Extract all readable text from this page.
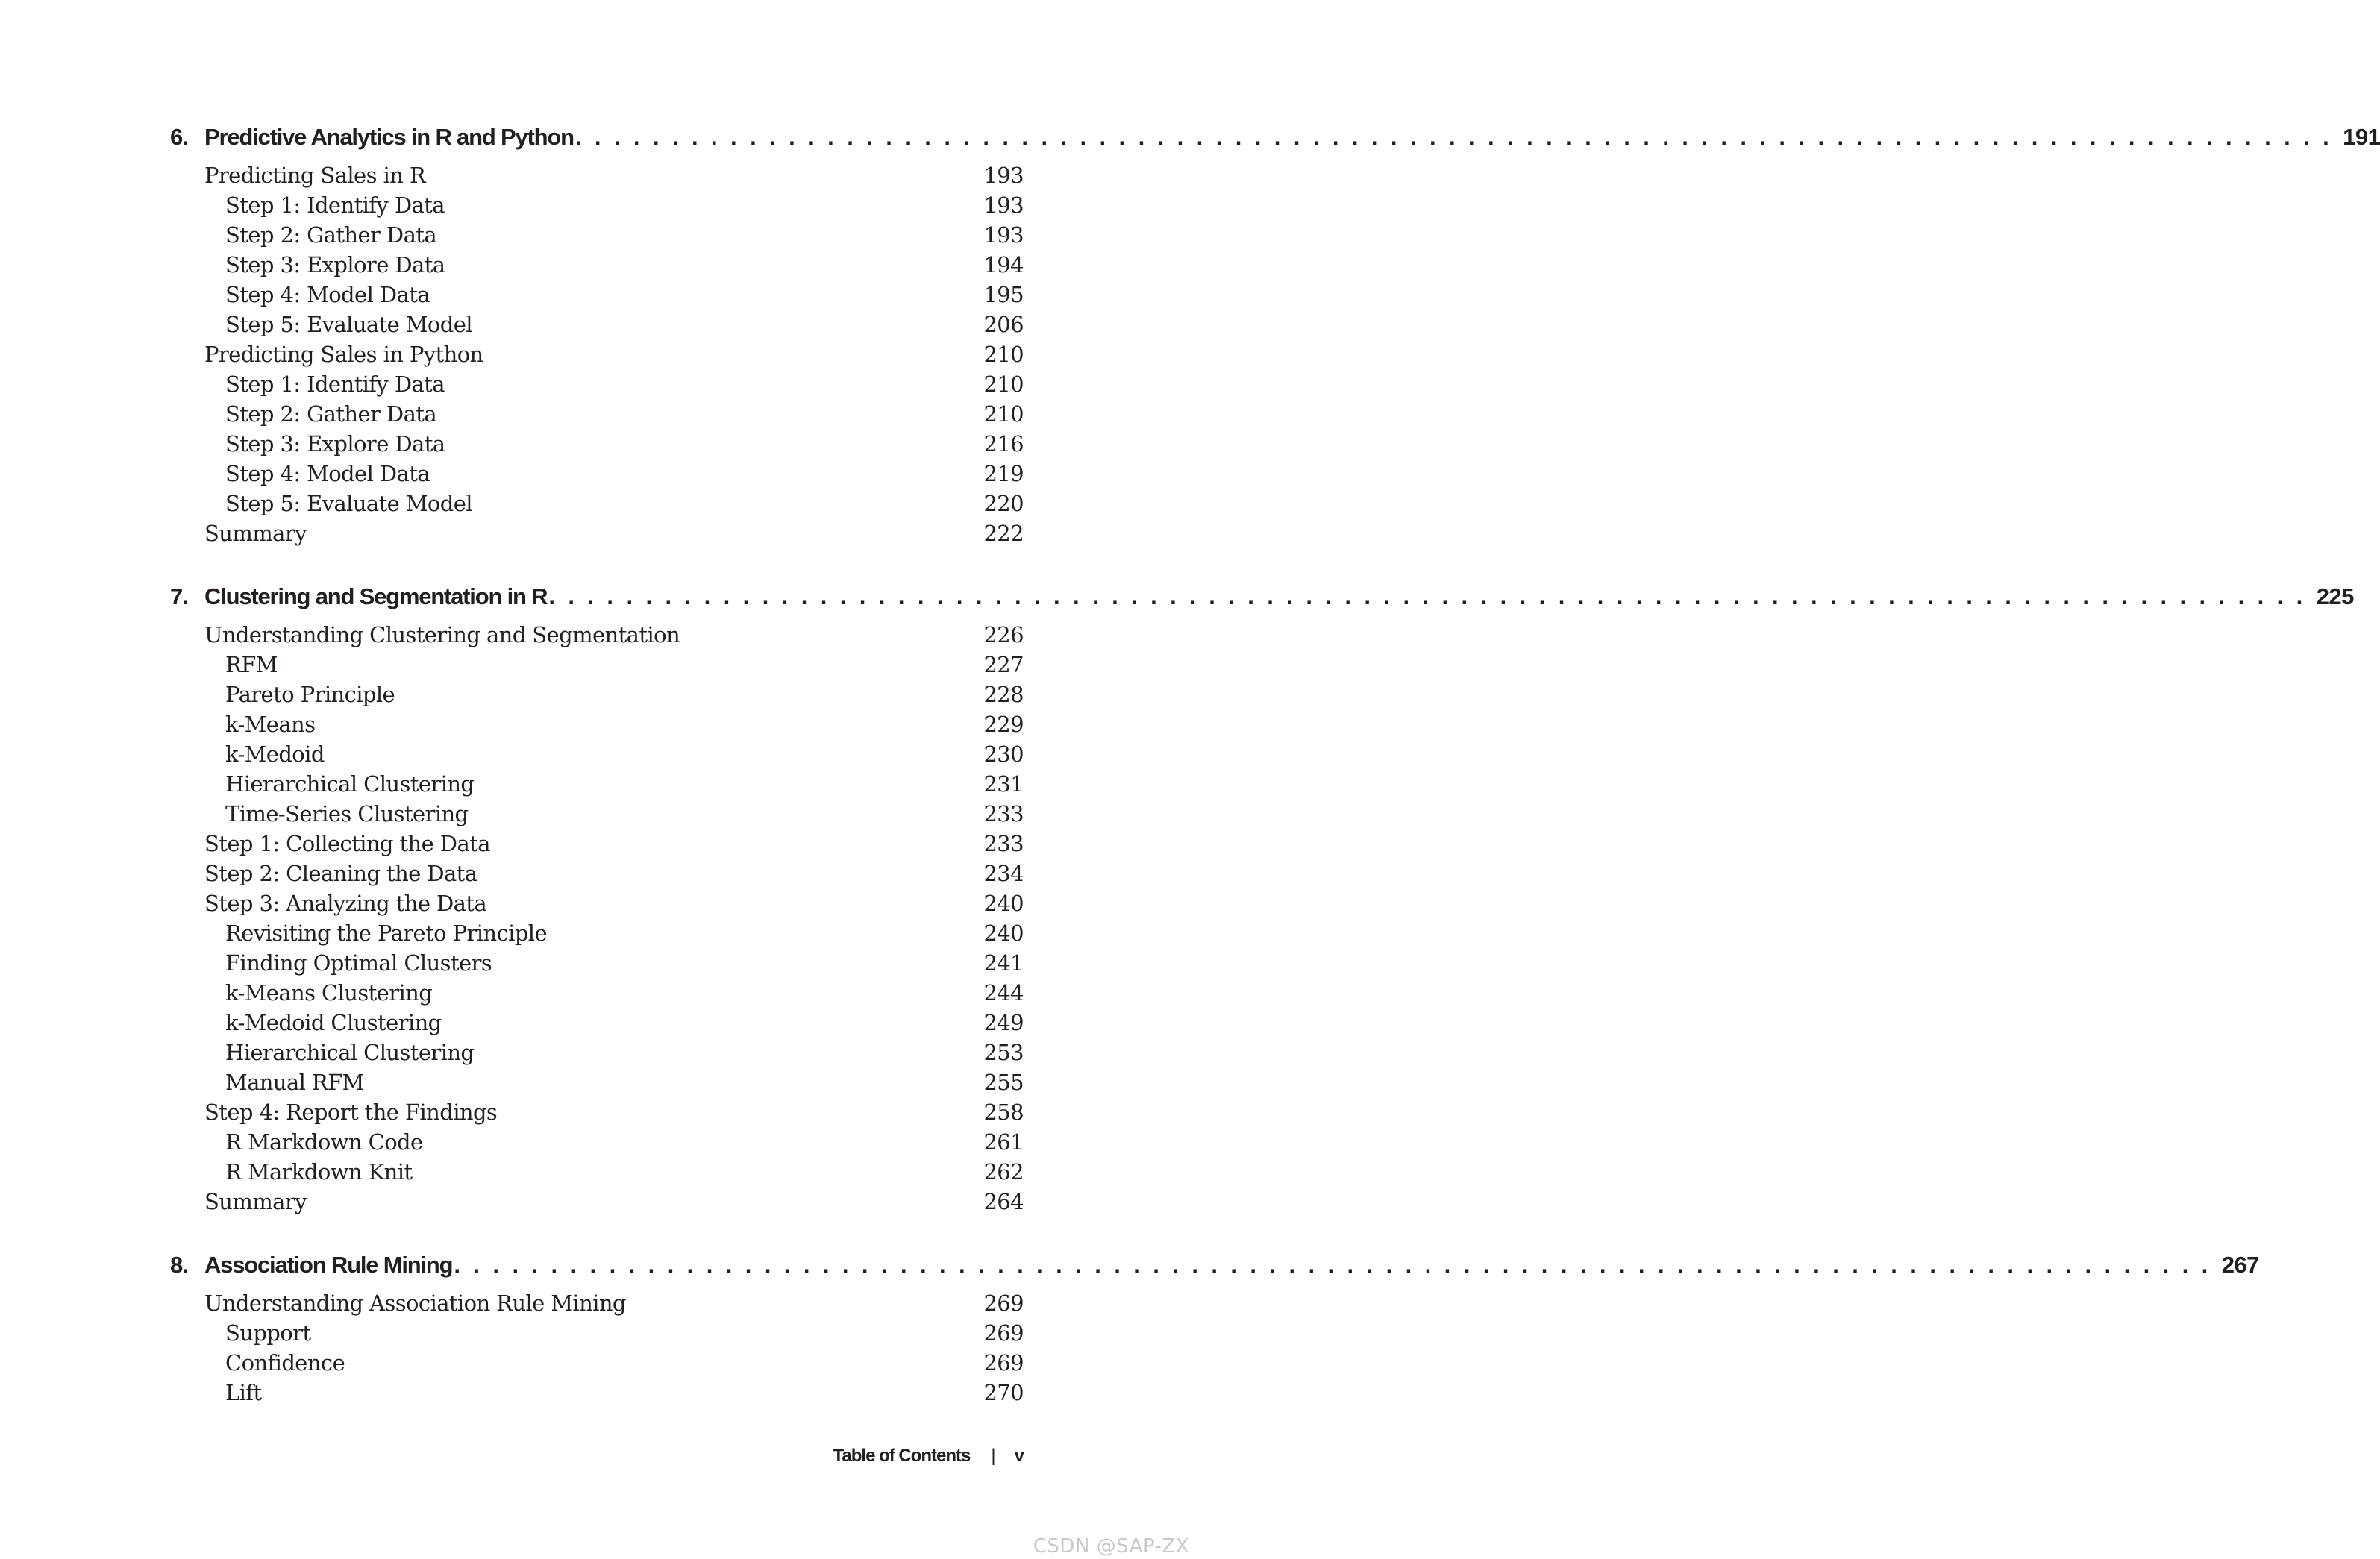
6. Predictive Analytics in R and Python . . . . . . . . . . . . . . . . . . . . . . . . . . . . . . . . . . . . . . . . . . . . . . . . . . . . . . . . . . . . . . . . . . . . . . . . . . . . . . . . . . . . . . . . . . . 191
Predicting Sales in R	193
Step 1: Identify Data	193
Step 2: Gather Data	193
Step 3: Explore Data	194
Step 4: Model Data	195
Step 5: Evaluate Model	206
Predicting Sales in Python	210
Step 1: Identify Data	210
Step 2: Gather Data	210
Step 3: Explore Data	216
Step 4: Model Data	219
Step 5: Evaluate Model	220
Summary	222
7. Clustering and Segmentation in R . . . . . . . . . . . . . . . . . . . . . . . . . . . . . . . . . . . . . . . . . . . . . . . . . . . . . . . . . . . . . . . . . . . . . . . . . . . . . . . . . . . . . . . . . . . 225
Understanding Clustering and Segmentation	226
RFM	227
Pareto Principle	228
k-Means	229
k-Medoid	230
Hierarchical Clustering	231
Time-Series Clustering	233
Step 1: Collecting the Data	233
Step 2: Cleaning the Data	234
Step 3: Analyzing the Data	240
Revisiting the Pareto Principle	240
Finding Optimal Clusters	241
k-Means Clustering	244
k-Medoid Clustering	249
Hierarchical Clustering	253
Manual RFM	255
Step 4: Report the Findings	258
R Markdown Code	261
R Markdown Knit	262
Summary	264
8. Association Rule Mining . . . . . . . . . . . . . . . . . . . . . . . . . . . . . . . . . . . . . . . . . . . . . . . . . . . . . . . . . . . . . . . . . . . . . . . . . . . . . . . . . . . . . . . . . . . 267
Understanding Association Rule Mining	269
Support	269
Confidence	269
Lift	270
Table of Contents | v
CSDN @SAP-ZX
